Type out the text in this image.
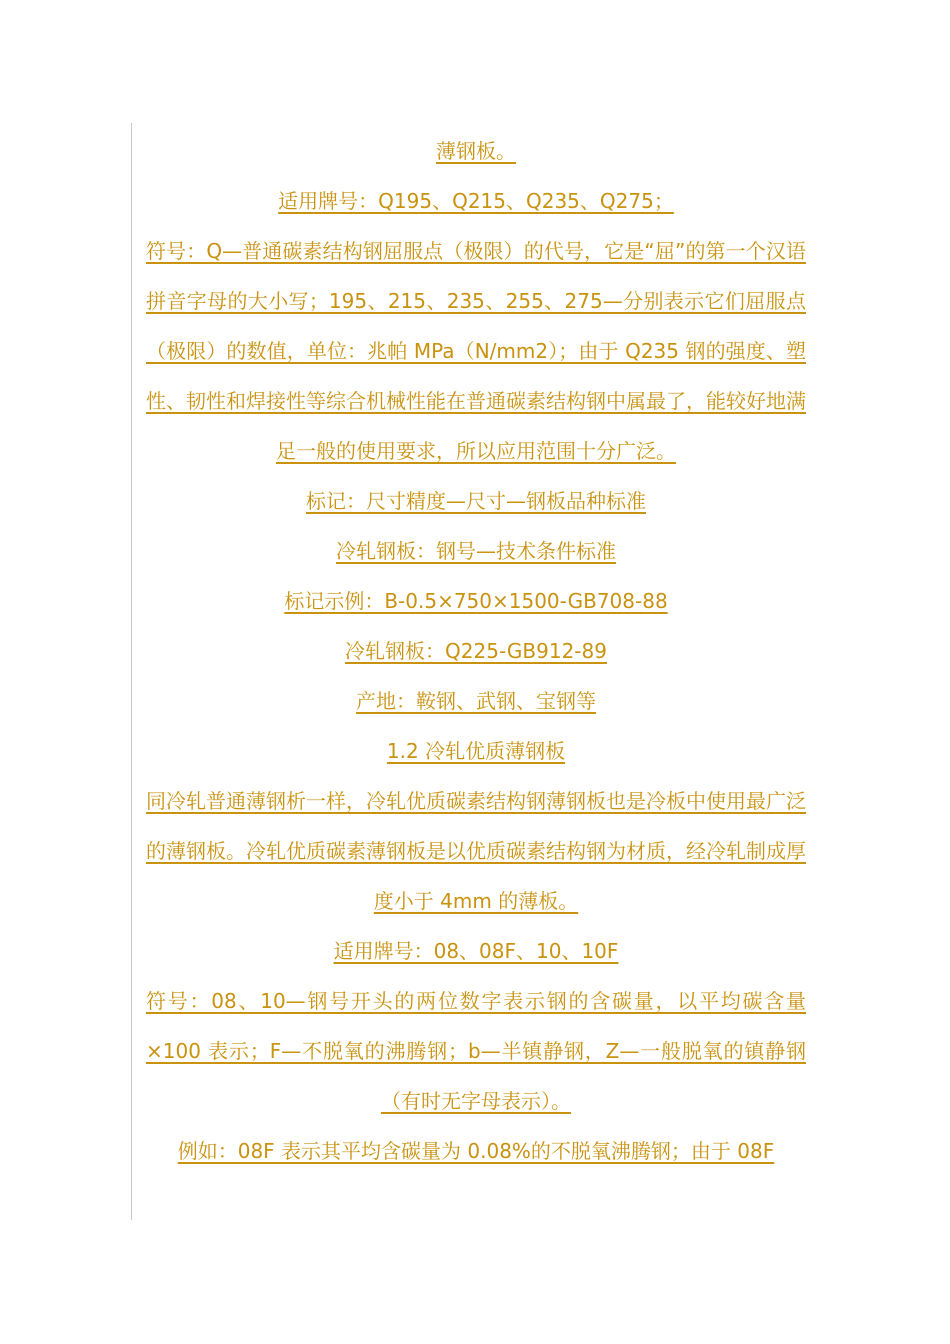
薄钢板。

适用牌号：Q195、Q215、Q235、Q275；

符号：Q—普通碳素结构钢屈服点（极限）的代号，它是“屈”的第一个汉语拼音字母的大小写；195、215、235、255、275—分别表示它们屈服点（极限）的数值，单位：兆帕 MPa（N/mm2）；由于 Q235 钢的强度、塑性、韧性和焊接性等综合机械性能在普通碳素结构钢中属最了，能较好地满足一般的使用要求，所以应用范围十分广泛。

标记：尺寸精度—尺寸—钢板品种标准

冷轧钢板：钢号—技术条件标准

标记示例：B-0.5×750×1500-GB708-88

冷轧钢板：Q225-GB912-89

产地：鞍钢、武钢、宝钢等

1.2 冷轧优质薄钢板

同冷轧普通薄钢析一样，冷轧优质碳素结构钢薄钢板也是冷板中使用最广泛的薄钢板。冷轧优质碳素薄钢板是以优质碳素结构钢为材质，经冷轧制成厚度小于 4mm 的薄板。

适用牌号：08、08F、10、10F

符号：08、10—钢号开头的两位数字表示钢的含碳量，以平均碳含量×100 表示；F—不脱氧的沸腾钢；b—半镇静钢，Z—一般脱氧的镇静钢（有时无字母表示）。

例如：08F 表示其平均含碳量为 0.08%的不脱氧沸腾钢；由于 08F
